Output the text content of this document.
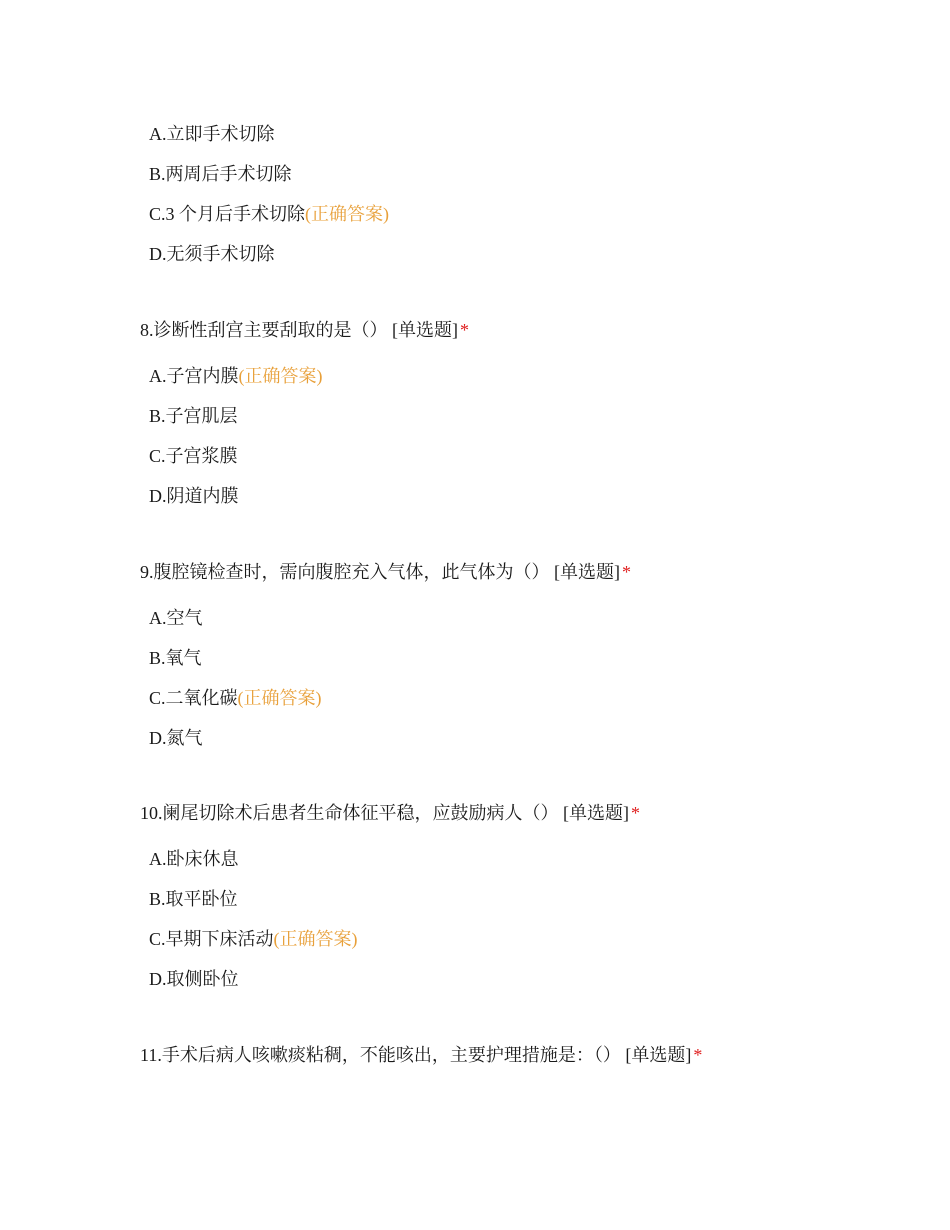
A.立即手术切除
B.两周后手术切除
C.3 个月后手术切除(正确答案)
D.无须手术切除
8.诊断性刮宫主要刮取的是（） [单选题] *
A.子宫内膜(正确答案)
B.子宫肌层
C.子宫浆膜
D.阴道内膜
9.腹腔镜检查时，需向腹腔充入气体，此气体为（） [单选题] *
A.空气
B.氧气
C.二氧化碳(正确答案)
D.氮气
10.阑尾切除术后患者生命体征平稳，应鼓励病人（） [单选题] *
A.卧床休息
B.取平卧位
C.早期下床活动(正确答案)
D.取侧卧位
11.手术后病人咳嗽痰粘稠，不能咳出，主要护理措施是：（） [单选题] *
